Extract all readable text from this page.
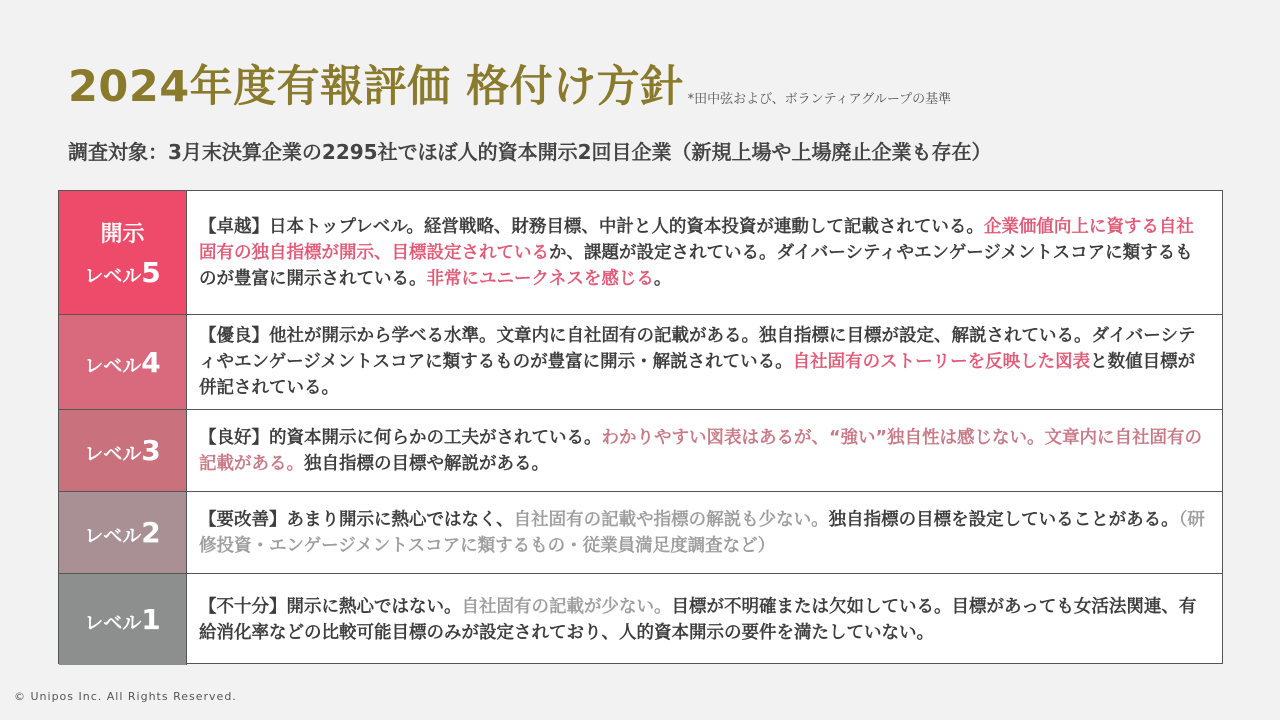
2024年度有報評価 格付け方針 *田中弦および、ボランティアグループの基準
調査対象：3月末決算企業の2295社でほぼ人的資本開示2回目企業（新規上場や上場廃止企業も存在）
開示
レベル5

【卓越】日本トップレベル。経営戦略、財務目標、中計と人的資本投資が連動して記載されている。企業価値向上に資する自社固有の独自指標が開示、目標設定されているか、課題が設定されている。ダイバーシティやエンゲージメントスコアに類するものが豊富に開示されている。非常にユニークネスを感じる。

レベル4

【優良】他社が開示から学べる水準。文章内に自社固有の記載がある。独自指標に目標が設定、解説されている。ダイバーシティやエンゲージメントスコアに類するものが豊富に開示・解説されている。自社固有のストーリーを反映した図表と数値目標が併記されている。

レベル3 【良好】的資本開示に何らかの工夫がされている。わかりやすい図表はあるが、“強い”独自性は感じない。文章内に自社固有の記載がある。独自指標の目標や解説がある。

レベル2 【要改善】あまり開示に熱心ではなく、自社固有の記載や指標の解説も少ない。独自指標の目標を設定していることがある。（研修投資・エンゲージメントスコアに類するもの・従業員満足度調査など）

レベル1 【不十分】開示に熱心ではない。自社固有の記載が少ない。目標が不明確または欠如している。目標があっても女活法関連、有給消化率などの比較可能目標のみが設定されており、人的資本開示の要件を満たしていない。

© Unipos Inc. All Rights Reserved.
